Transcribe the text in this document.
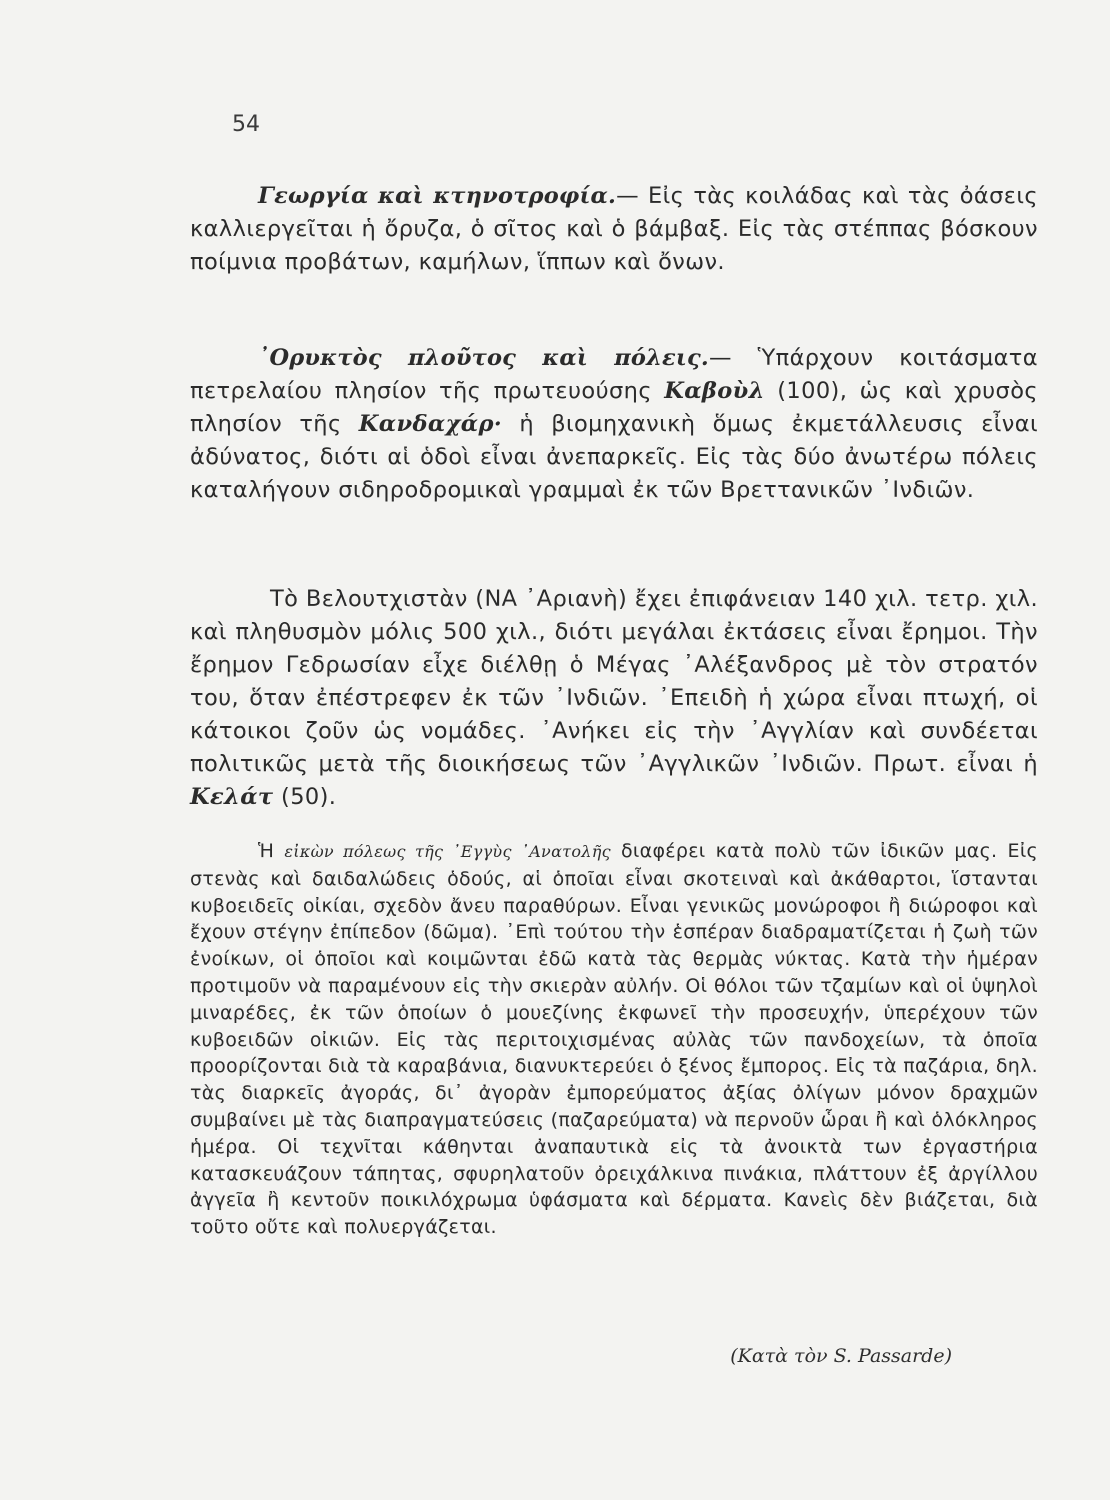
54

Γεωργία καὶ κτηνοτροφία.— Εἰς τὰς κοιλάδας καὶ τὰς ὀάσεις καλλιεργεῖται ἡ ὄρυζα, ὁ σῖτος καὶ ὁ βάμβαξ. Εἰς τὰς στέππας βόσκουν ποίμνια προβάτων, καμήλων, ἵππων καὶ ὄνων.

᾿Ορυκτὸς πλοῦτος καὶ πόλεις.— Ὑπάρχουν κοιτάσματα πετρελαίου πλησίον τῆς πρωτευούσης Καβοὺλ (100), ὡς καὶ χρυσὸς πλησίον τῆς Κανδαχάρ· ἡ βιομηχανικὴ ὅμως ἐκμετάλλευσις εἶναι ἀδύνατος, διότι αἱ ὁδοὶ εἶναι ἀνεπαρκεῖς. Εἰς τὰς δύο ἀνωτέρω πόλεις καταλήγουν σιδηροδρομικαὶ γραμμαὶ ἐκ τῶν Βρεττανικῶν ᾿Ινδιῶν.

Τὸ Βελουτχιστὰν (ΝΑ ᾿Αριανὴ) ἔχει ἐπιφάνειαν 140 χιλ. τετρ. χιλ. καὶ πληθυσμὸν μόλις 500 χιλ., διότι μεγάλαι ἐκτάσεις εἶναι ἔρημοι. Τὴν ἔρημον Γεδρωσίαν εἶχε διέλθῃ ὁ Μέγας ᾿Αλέξανδρος μὲ τὸν στρατόν του, ὅταν ἐπέστρεφεν ἐκ τῶν ᾿Ινδιῶν. ᾿Επειδὴ ἡ χώρα εἶναι πτωχή, οἱ κάτοικοι ζοῦν ὡς νομάδες. ᾿Ανήκει εἰς τὴν ᾿Αγγλίαν καὶ συνδέεται πολιτικῶς μετὰ τῆς διοικήσεως τῶν ᾿Αγγλικῶν ᾿Ινδιῶν. Πρωτ. εἶναι ἡ Κελάτ (50).

Ἡ εἰκὼν πόλεως τῆς ᾿Εγγὺς ᾿Ανατολῆς διαφέρει κατὰ πολὺ τῶν ἰδικῶν μας. Εἰς στενὰς καὶ δαιδαλώδεις ὁδούς, αἱ ὁποῖαι εἶναι σκοτειναὶ καὶ ἀκάθαρτοι, ἵστανται κυβοειδεῖς οἰκίαι, σχεδὸν ἄνευ παραθύρων. Εἶναι γενικῶς μονώροφοι ἢ διώροφοι καὶ ἔχουν στέγην ἐπίπεδον (δῶμα). ᾿Επὶ τούτου τὴν ἑσπέραν διαδραματίζεται ἡ ζωὴ τῶν ἐνοίκων, οἱ ὁποῖοι καὶ κοιμῶνται ἐδῶ κατὰ τὰς θερμὰς νύκτας. Κατὰ τὴν ἡμέραν προτιμοῦν νὰ παραμένουν εἰς τὴν σκιερὰν αὐλήν. Οἱ θόλοι τῶν τζαμίων καὶ οἱ ὑψηλοὶ μιναρέδες, ἐκ τῶν ὁποίων ὁ μουεζίνης ἐκφωνεῖ τὴν προσευχήν, ὑπερέχουν τῶν κυβοειδῶν οἰκιῶν. Εἰς τὰς περιτοιχισμένας αὐλὰς τῶν πανδοχείων, τὰ ὁποῖα προορίζονται διὰ τὰ καραβάνια, διανυκτερεύει ὁ ξένος ἔμπορος. Εἰς τὰ παζάρια, δηλ. τὰς διαρκεῖς ἀγοράς, δι᾿ ἀγορὰν ἐμπορεύματος ἀξίας ὀλίγων μόνον δραχμῶν συμβαίνει μὲ τὰς διαπραγματεύσεις (παζαρεύματα) νὰ περνοῦν ὧραι ἢ καὶ ὁλόκληρος ἡμέρα. Οἱ τεχνῖται κάθηνται ἀναπαυτικὰ εἰς τὰ ἀνοικτὰ των ἐργαστήρια κατασκευάζουν τάπητας, σφυρηλατοῦν ὀρειχάλκινα πινάκια, πλάττουν ἐξ ἀργίλλου ἀγγεῖα ἢ κεντοῦν ποικιλόχρωμα ὑφάσματα καὶ δέρματα. Κανεὶς δὲν βιάζεται, διὰ τοῦτο οὔτε καὶ πολυεργάζεται.

(Κατὰ τὸν S. Passarde)
